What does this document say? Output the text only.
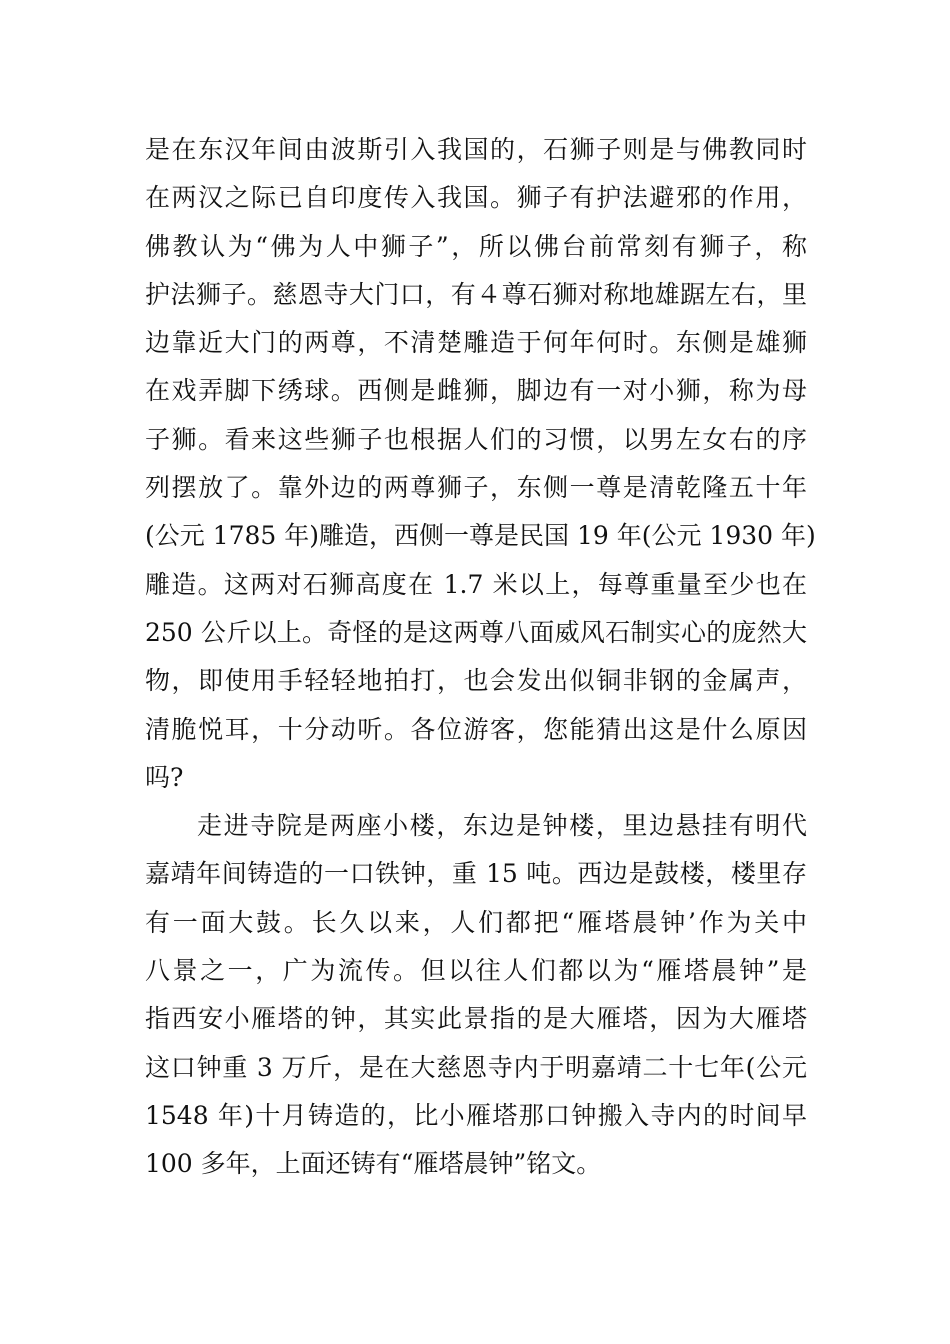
是在东汉年间由波斯引入我国的，石狮子则是与佛教同时
在两汉之际已自印度传入我国。狮子有护法避邪的作用，
佛教认为“佛为人中狮子”，所以佛台前常刻有狮子，称
护法狮子。慈恩寺大门口，有４尊石狮对称地雄踞左右，里
边靠近大门的两尊，不清楚雕造于何年何时。东侧是雄狮
在戏弄脚下绣球。西侧是雌狮，脚边有一对小狮，称为母
子狮。看来这些狮子也根据人们的习惯，以男左女右的序
列摆放了。靠外边的两尊狮子，东侧一尊是清乾隆五十年
(公元 1785 年)雕造，西侧一尊是民国 19 年(公元 1930 年)
雕造。这两对石狮高度在 1.7 米以上，每尊重量至少也在
250 公斤以上。奇怪的是这两尊八面威风石制实心的庞然大
物，即使用手轻轻地拍打，也会发出似铜非钢的金属声，
清脆悦耳，十分动听。各位游客，您能猜出这是什么原因
吗?
走进寺院是两座小楼，东边是钟楼，里边悬挂有明代
嘉靖年间铸造的一口铁钟，重 15 吨。西边是鼓楼，楼里存
有一面大鼓。长久以来，人们都把“雁塔晨钟’作为关中
八景之一，广为流传。但以往人们都以为“雁塔晨钟”是
指西安小雁塔的钟，其实此景指的是大雁塔，因为大雁塔
这口钟重 3 万斤，是在大慈恩寺内于明嘉靖二十七年(公元
1548 年)十月铸造的，比小雁塔那口钟搬入寺内的时间早
100 多年，上面还铸有“雁塔晨钟”铭文。
